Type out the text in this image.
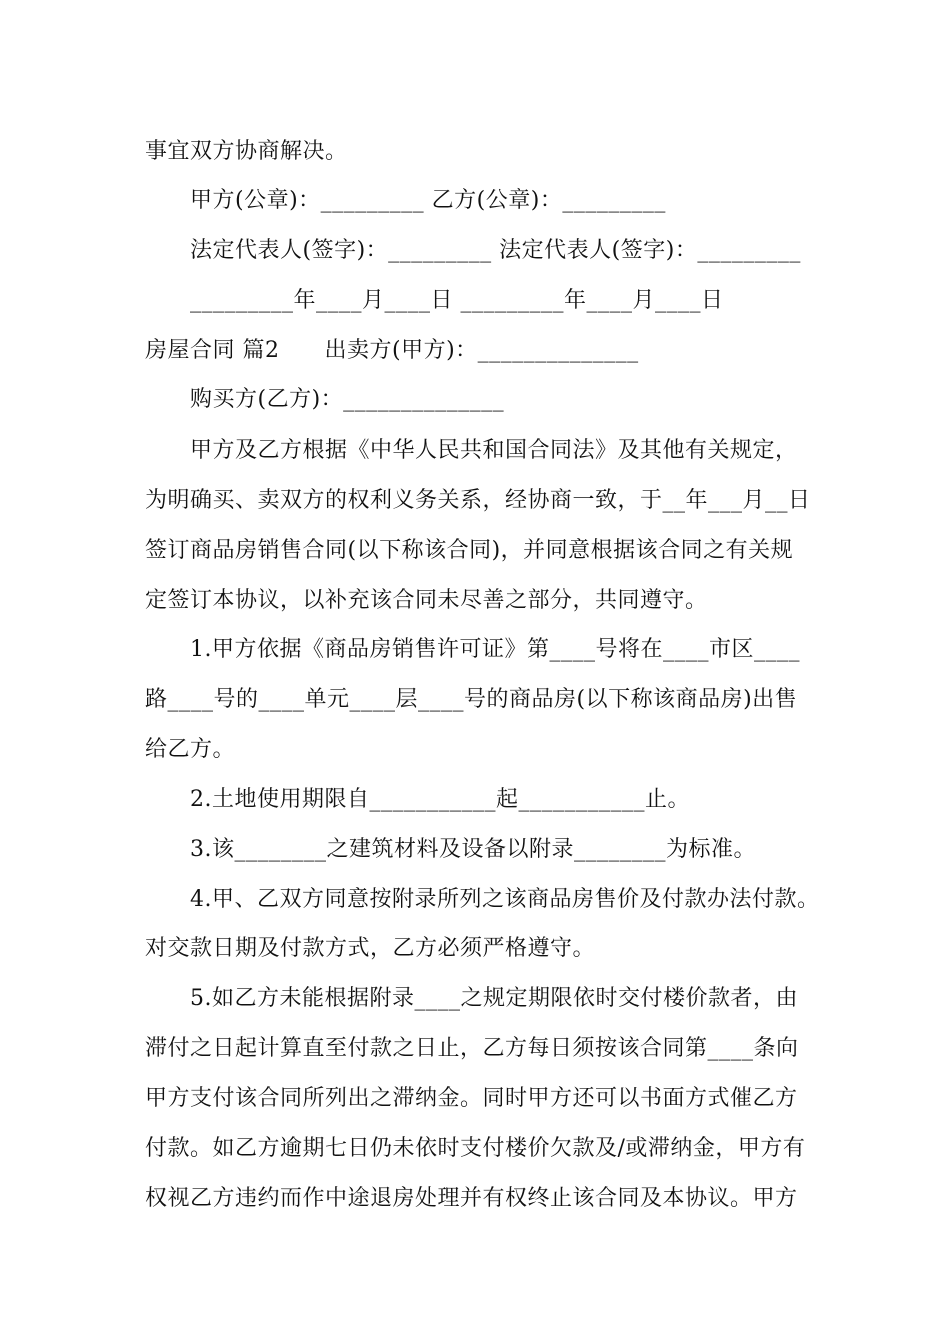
事宜双方协商解决。
甲方(公章)：_________ 乙方(公章)：_________
法定代表人(签字)：_________ 法定代表人(签字)：_________
_________年____月____日 _________年____月____日
房屋合同 篇2　　出卖方(甲方)：______________
购买方(乙方)：______________
甲方及乙方根据《中华人民共和国合同法》及其他有关规定，
为明确买、卖双方的权利义务关系，经协商一致，于__年___月__日
签订商品房销售合同(以下称该合同)，并同意根据该合同之有关规
定签订本协议，以补充该合同未尽善之部分，共同遵守。
1.甲方依据《商品房销售许可证》第____号将在____市区____
路____号的____单元____层____号的商品房(以下称该商品房)出售
给乙方。
2.土地使用期限自___________起___________止。
3.该________之建筑材料及设备以附录________为标准。
4.甲、乙双方同意按附录所列之该商品房售价及付款办法付款。
对交款日期及付款方式，乙方必须严格遵守。
5.如乙方未能根据附录____之规定期限依时交付楼价款者，由
滞付之日起计算直至付款之日止，乙方每日须按该合同第____条向
甲方支付该合同所列出之滞纳金。同时甲方还可以书面方式催乙方
付款。如乙方逾期七日仍未依时支付楼价欠款及/或滞纳金，甲方有
权视乙方违约而作中途退房处理并有权终止该合同及本协议。甲方
